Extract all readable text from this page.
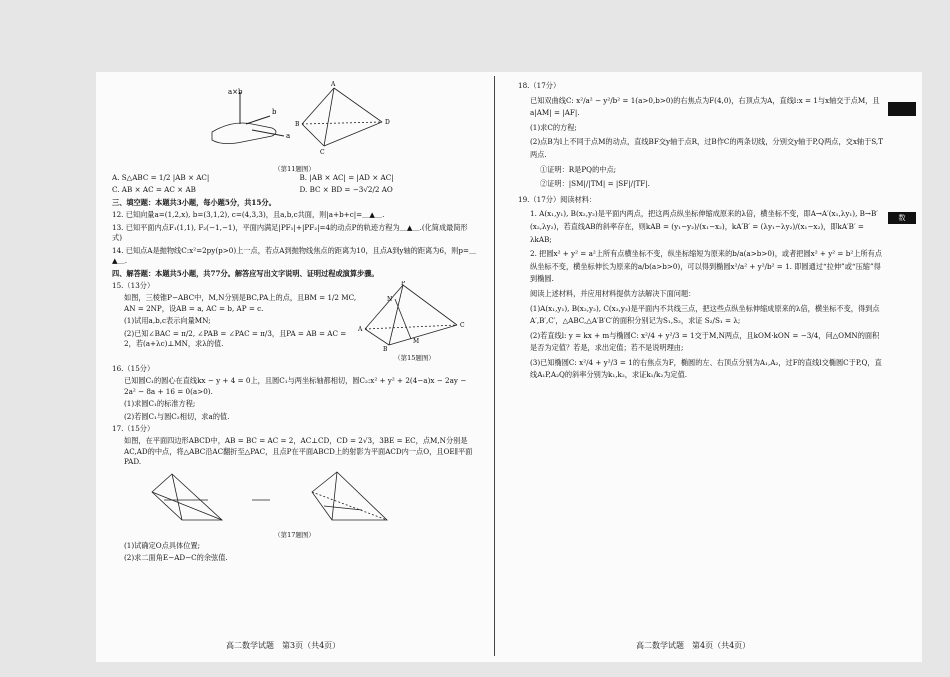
数
a×b
b
a
A
B
C
D
（第11题图）

A. S△ABC = 1/2 |AB × AC|	B. |AB × AC| = |AD × AC|

C. AB × AC = AC × AB	D. BC × BD = −3√2/2 AO

三、填空题：本题共3小题，每小题5分，共15分。

12. 已知向量a=(1,2,x), b=(3,1,2), c=(4,3,3)，且a,b,c共面，则|a+b+c|=＿▲＿.

13. 已知平面内点F₁(1,1), F₂(−1,−1)，平面内满足|PF₁|+|PF₂|=4的动点P的轨迹方程为＿▲＿.(化简成最简形式)

14. 已知点A是抛物线C:x²=2py(p>0)上一点，若点A到抛物线焦点的距离为10，且点A到y轴的距离为6，则p=＿▲＿.

四、解答题：本题共5小题，共77分。解答应写出文字说明、证明过程或演算步骤。

15.（13分）

如图，三棱锥P−ABC中，M,N分别是BC,PA上的点，且BM = 1/2 MC, AN = 2NP，设AB = a, AC = b, AP = c.

(1)试用a,b,c表示向量MN;

(2)已知∠BAC = π/2, ∠PAB = ∠PAC = π/3，且PA = AB = AC = 2，若(a+λc)⊥MN，求λ的值.

P
N
A
B
M
C
（第15题图）

16.（15分）

已知圆C₁的圆心在直线kx − y + 4 = 0上，且圆C₁与两坐标轴都相切，圆C₂:x² + y² + 2(4−a)x − 2ay − 2a² − 8a + 16 = 0(a>0).

(1)求圆C₁的标准方程;

(2)若圆C₁与圆C₂相切，求a的值.

17.（15分）

如图，在平面四边形ABCD中，AB = BC = AC = 2，AC⊥CD，CD = 2√3，3BE = EC，点M,N分别是AC,AD的中点，将△ABC沿AC翻折至△PAC，且点P在平面ABCD上的射影为平面ACD内一点O，且OE∥平面PAD.

（第17题图）

(1)试确定O点具体位置;

(2)求二面角E−AD−C的余弦值.

高二数学试题　第3页（共4页）

18.（17分）

已知双曲线C: x²/a² − y²/b² = 1(a>0,b>0)的右焦点为F(4,0)，右顶点为A，直线l:x = 1与x轴交于点M，且a|AM| = |AF|.

(1)求C的方程;

(2)点B为l上不同于点M的动点，直线BF交y轴于点R，过B作C的两条切线，分别交y轴于P,Q两点，交x轴于S,T两点.

①证明：R是PQ的中点;

②证明：|SM|/|TM| = |SF|/|TF|.

19.（17分）阅读材料：

1. A(x₁,y₁), B(x₂,y₂)是平面内两点，把这两点纵坐标伸缩成原来的λ倍，横坐标不变，即A→A′(x₁,λy₁), B→B′(x₂,λy₂)，若直线AB的斜率存在，则kAB = (y₁−y₂)/(x₁−x₂)，kA′B′ = (λy₁−λy₂)/(x₁−x₂)，即kA′B′ = λkAB;

2. 把圆x² + y² = a²上所有点横坐标不变，纵坐标缩短为原来的b/a(a>b>0)，或者把圆x² + y² = b²上所有点纵坐标不变，横坐标伸长为原来的a/b(a>b>0)，可以得到椭圆x²/a² + y²/b² = 1. 即圆通过“拉伸”或“压缩”得到椭圆.

阅读上述材料，并应用材料提供方法解决下面问题：

(1)A(x₁,y₁), B(x₂,y₂), C(x₃,y₃)是平面内不共线三点，把这些点纵坐标伸缩成原来的λ倍，横坐标不变，得到点A′,B′,C′，△ABC,△A′B′C′的面积分别记为S₁,S₂，求证 S₂/S₁ = λ;

(2)若直线l: y = kx + m与椭圆C: x²/4 + y²/3 = 1交于M,N两点，且kOM·kON = −3/4，问△OMN的面积是否为定值？若是，求出定值；若不是说明理由;

(3)已知椭圆C: x²/4 + y²/3 = 1的右焦点为F，椭圆的左、右顶点分别为A₁,A₂，过F的直线l交椭圆C于P,Q，直线A₁P,A₂Q的斜率分别为k₁,k₂，求证k₁/k₂为定值.

高二数学试题　第4页（共4页）
